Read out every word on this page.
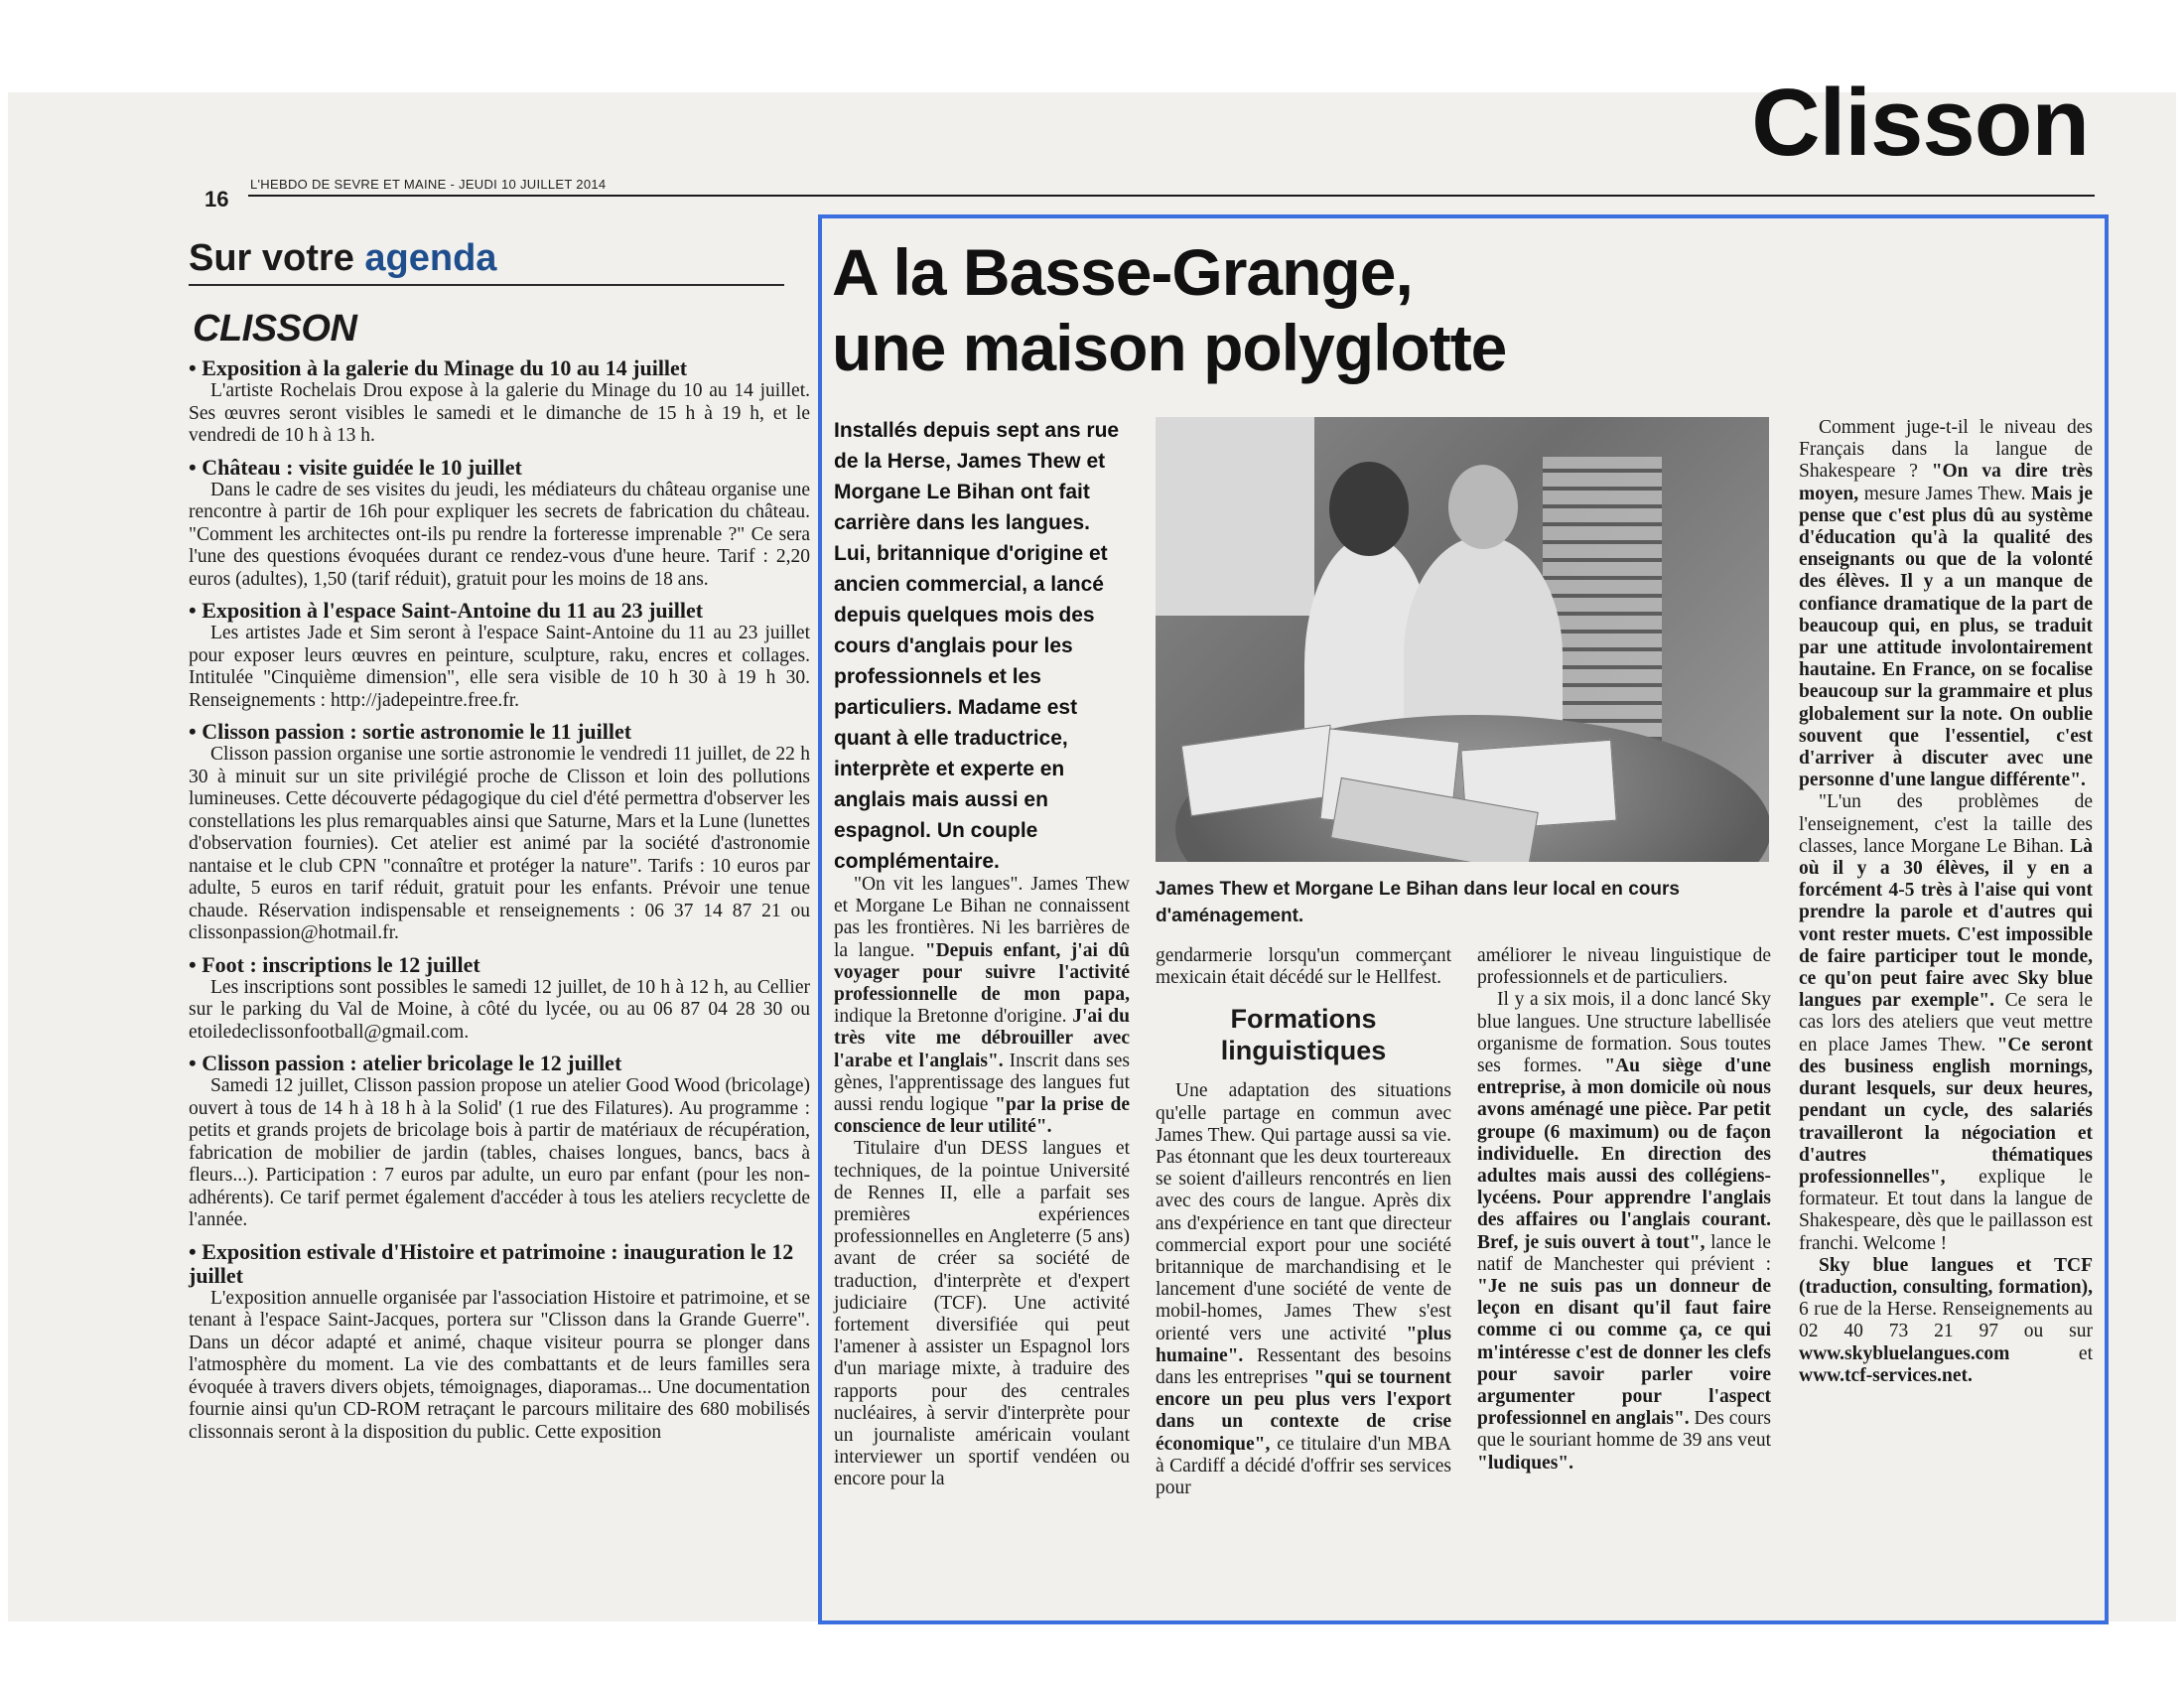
Clisson
16
L'HEBDO DE SEVRE ET MAINE - JEUDI 10 JUILLET 2014
Sur votre agenda
CLISSON

• Exposition à la galerie du Minage du 10 au 14 juillet

L'artiste Rochelais Drou expose à la galerie du Minage du 10 au 14 juillet. Ses œuvres seront visibles le samedi et le dimanche de 15 h à 19 h, et le vendredi de 10 h à 13 h.

• Château : visite guidée le 10 juillet

Dans le cadre de ses visites du jeudi, les médiateurs du château organise une rencontre à partir de 16h pour expliquer les secrets de fabrication du château. "Comment les architectes ont-ils pu rendre la forteresse imprenable ?" Ce sera l'une des questions évoquées durant ce rendez-vous d'une heure. Tarif : 2,20 euros (adultes), 1,50 (tarif réduit), gratuit pour les moins de 18 ans.

• Exposition à l'espace Saint-Antoine du 11 au 23 juillet

Les artistes Jade et Sim seront à l'espace Saint-Antoine du 11 au 23 juillet pour exposer leurs œuvres en peinture, sculpture, raku, encres et collages. Intitulée "Cinquième dimension", elle sera visible de 10 h 30 à 19 h 30. Renseignements : http://jadepeintre.free.fr.

• Clisson passion : sortie astronomie le 11 juillet

Clisson passion organise une sortie astronomie le vendredi 11 juillet, de 22 h 30 à minuit sur un site privilégié proche de Clisson et loin des pollutions lumineuses. Cette découverte pédagogique du ciel d'été permettra d'observer les constellations les plus remarquables ainsi que Saturne, Mars et la Lune (lunettes d'observation fournies). Cet atelier est animé par la société d'astronomie nantaise et le club CPN "connaître et protéger la nature". Tarifs : 10 euros par adulte, 5 euros en tarif réduit, gratuit pour les enfants. Prévoir une tenue chaude. Réservation indispensable et renseignements : 06 37 14 87 21 ou clissonpassion@hotmail.fr.

• Foot : inscriptions le 12 juillet

Les inscriptions sont possibles le samedi 12 juillet, de 10 h à 12 h, au Cellier sur le parking du Val de Moine, à côté du lycée, ou au 06 87 04 28 30 ou etoiledeclissonfootball@gmail.com.

• Clisson passion : atelier bricolage le 12 juillet

Samedi 12 juillet, Clisson passion propose un atelier Good Wood (bricolage) ouvert à tous de 14 h à 18 h à la Solid' (1 rue des Filatures). Au programme : petits et grands projets de bricolage bois à partir de matériaux de récupération, fabrication de mobilier de jardin (tables, chaises longues, bancs, bacs à fleurs...). Participation : 7 euros par adulte, un euro par enfant (pour les non-adhérents). Ce tarif permet également d'accéder à tous les ateliers recyclette de l'année.

• Exposition estivale d'Histoire et patrimoine : inauguration le 12 juillet

L'exposition annuelle organisée par l'association Histoire et patrimoine, et se tenant à l'espace Saint-Jacques, portera sur "Clisson dans la Grande Guerre". Dans un décor adapté et animé, chaque visiteur pourra se plonger dans l'atmosphère du moment. La vie des combattants et de leurs familles sera évoquée à travers divers objets, témoignages, diaporamas... Une documentation fournie ainsi qu'un CD-ROM retraçant le parcours militaire des 680 mobilisés clissonnais seront à la disposition du public. Cette exposition

A la Basse-Grange,
une maison polyglotte

Installés depuis sept ans rue de la Herse, James Thew et Morgane Le Bihan ont fait carrière dans les langues. Lui, britannique d'origine et ancien commercial, a lancé depuis quelques mois des cours d'anglais pour les professionnels et les particuliers. Madame est quant à elle traductrice, interprète et experte en anglais mais aussi en espagnol. Un couple complémentaire.

James Thew et Morgane Le Bihan dans leur local en cours d'aménagement.

"On vit les langues". James Thew et Morgane Le Bihan ne connaissent pas les frontières. Ni les barrières de la langue. "Depuis enfant, j'ai dû voyager pour suivre l'activité professionnelle de mon papa, indique la Bretonne d'origine. J'ai du très vite me débrouiller avec l'arabe et l'anglais". Inscrit dans ses gènes, l'apprentissage des langues fut aussi rendu logique "par la prise de conscience de leur utilité".

Titulaire d'un DESS langues et techniques, de la pointue Université de Rennes II, elle a parfait ses premières expériences professionnelles en Angleterre (5 ans) avant de créer sa société de traduction, d'interprète et d'expert judiciaire (TCF). Une activité fortement diversifiée qui peut l'amener à assister un Espagnol lors d'un mariage mixte, à traduire des rapports pour des centrales nucléaires, à servir d'interprète pour un journaliste américain voulant interviewer un sportif vendéen ou encore pour la

gendarmerie lorsqu'un commerçant mexicain était décédé sur le Hellfest.

Formations linguistiques

Une adaptation des situations qu'elle partage en commun avec James Thew. Qui partage aussi sa vie. Pas étonnant que les deux tourtereaux se soient d'ailleurs rencontrés en lien avec des cours de langue. Après dix ans d'expérience en tant que directeur commercial export pour une société britannique de marchandising et le lancement d'une société de vente de mobil-homes, James Thew s'est orienté vers une activité "plus humaine". Ressentant des besoins dans les entreprises "qui se tournent encore un peu plus vers l'export dans un contexte de crise économique", ce titulaire d'un MBA à Cardiff a décidé d'offrir ses services pour

améliorer le niveau linguistique de professionnels et de particuliers.

Il y a six mois, il a donc lancé Sky blue langues. Une structure labellisée organisme de formation. Sous toutes ses formes. "Au siège d'une entreprise, à mon domicile où nous avons aménagé une pièce. Par petit groupe (6 maximum) ou de façon individuelle. En direction des adultes mais aussi des collégiens-lycéens. Pour apprendre l'anglais des affaires ou l'anglais courant. Bref, je suis ouvert à tout", lance le natif de Manchester qui prévient : "Je ne suis pas un donneur de leçon en disant qu'il faut faire comme ci ou comme ça, ce qui m'intéresse c'est de donner les clefs pour savoir parler voire argumenter pour l'aspect professionnel en anglais". Des cours que le souriant homme de 39 ans veut "ludiques".

Comment juge-t-il le niveau des Français dans la langue de Shakespeare ? "On va dire très moyen, mesure James Thew. Mais je pense que c'est plus dû au système d'éducation qu'à la qualité des enseignants ou que de la volonté des élèves. Il y a un manque de confiance dramatique de la part de beaucoup qui, en plus, se traduit par une attitude involontairement hautaine. En France, on se focalise beaucoup sur la grammaire et plus globalement sur la note. On oublie souvent que l'essentiel, c'est d'arriver à discuter avec une personne d'une langue différente".

"L'un des problèmes de l'enseignement, c'est la taille des classes, lance Morgane Le Bihan. Là où il y a 30 élèves, il y en a forcément 4-5 très à l'aise qui vont prendre la parole et d'autres qui vont rester muets. C'est impossible de faire participer tout le monde, ce qu'on peut faire avec Sky blue langues par exemple". Ce sera le cas lors des ateliers que veut mettre en place James Thew. "Ce seront des business english mornings, durant lesquels, sur deux heures, pendant un cycle, des salariés travailleront la négociation et d'autres thématiques professionnelles", explique le formateur. Et tout dans la langue de Shakespeare, dès que le paillasson est franchi. Welcome !

Sky blue langues et TCF (traduction, consulting, formation), 6 rue de la Herse. Renseignements au 02 40 73 21 97 ou sur www.skybluelangues.com et www.tcf-services.net.
